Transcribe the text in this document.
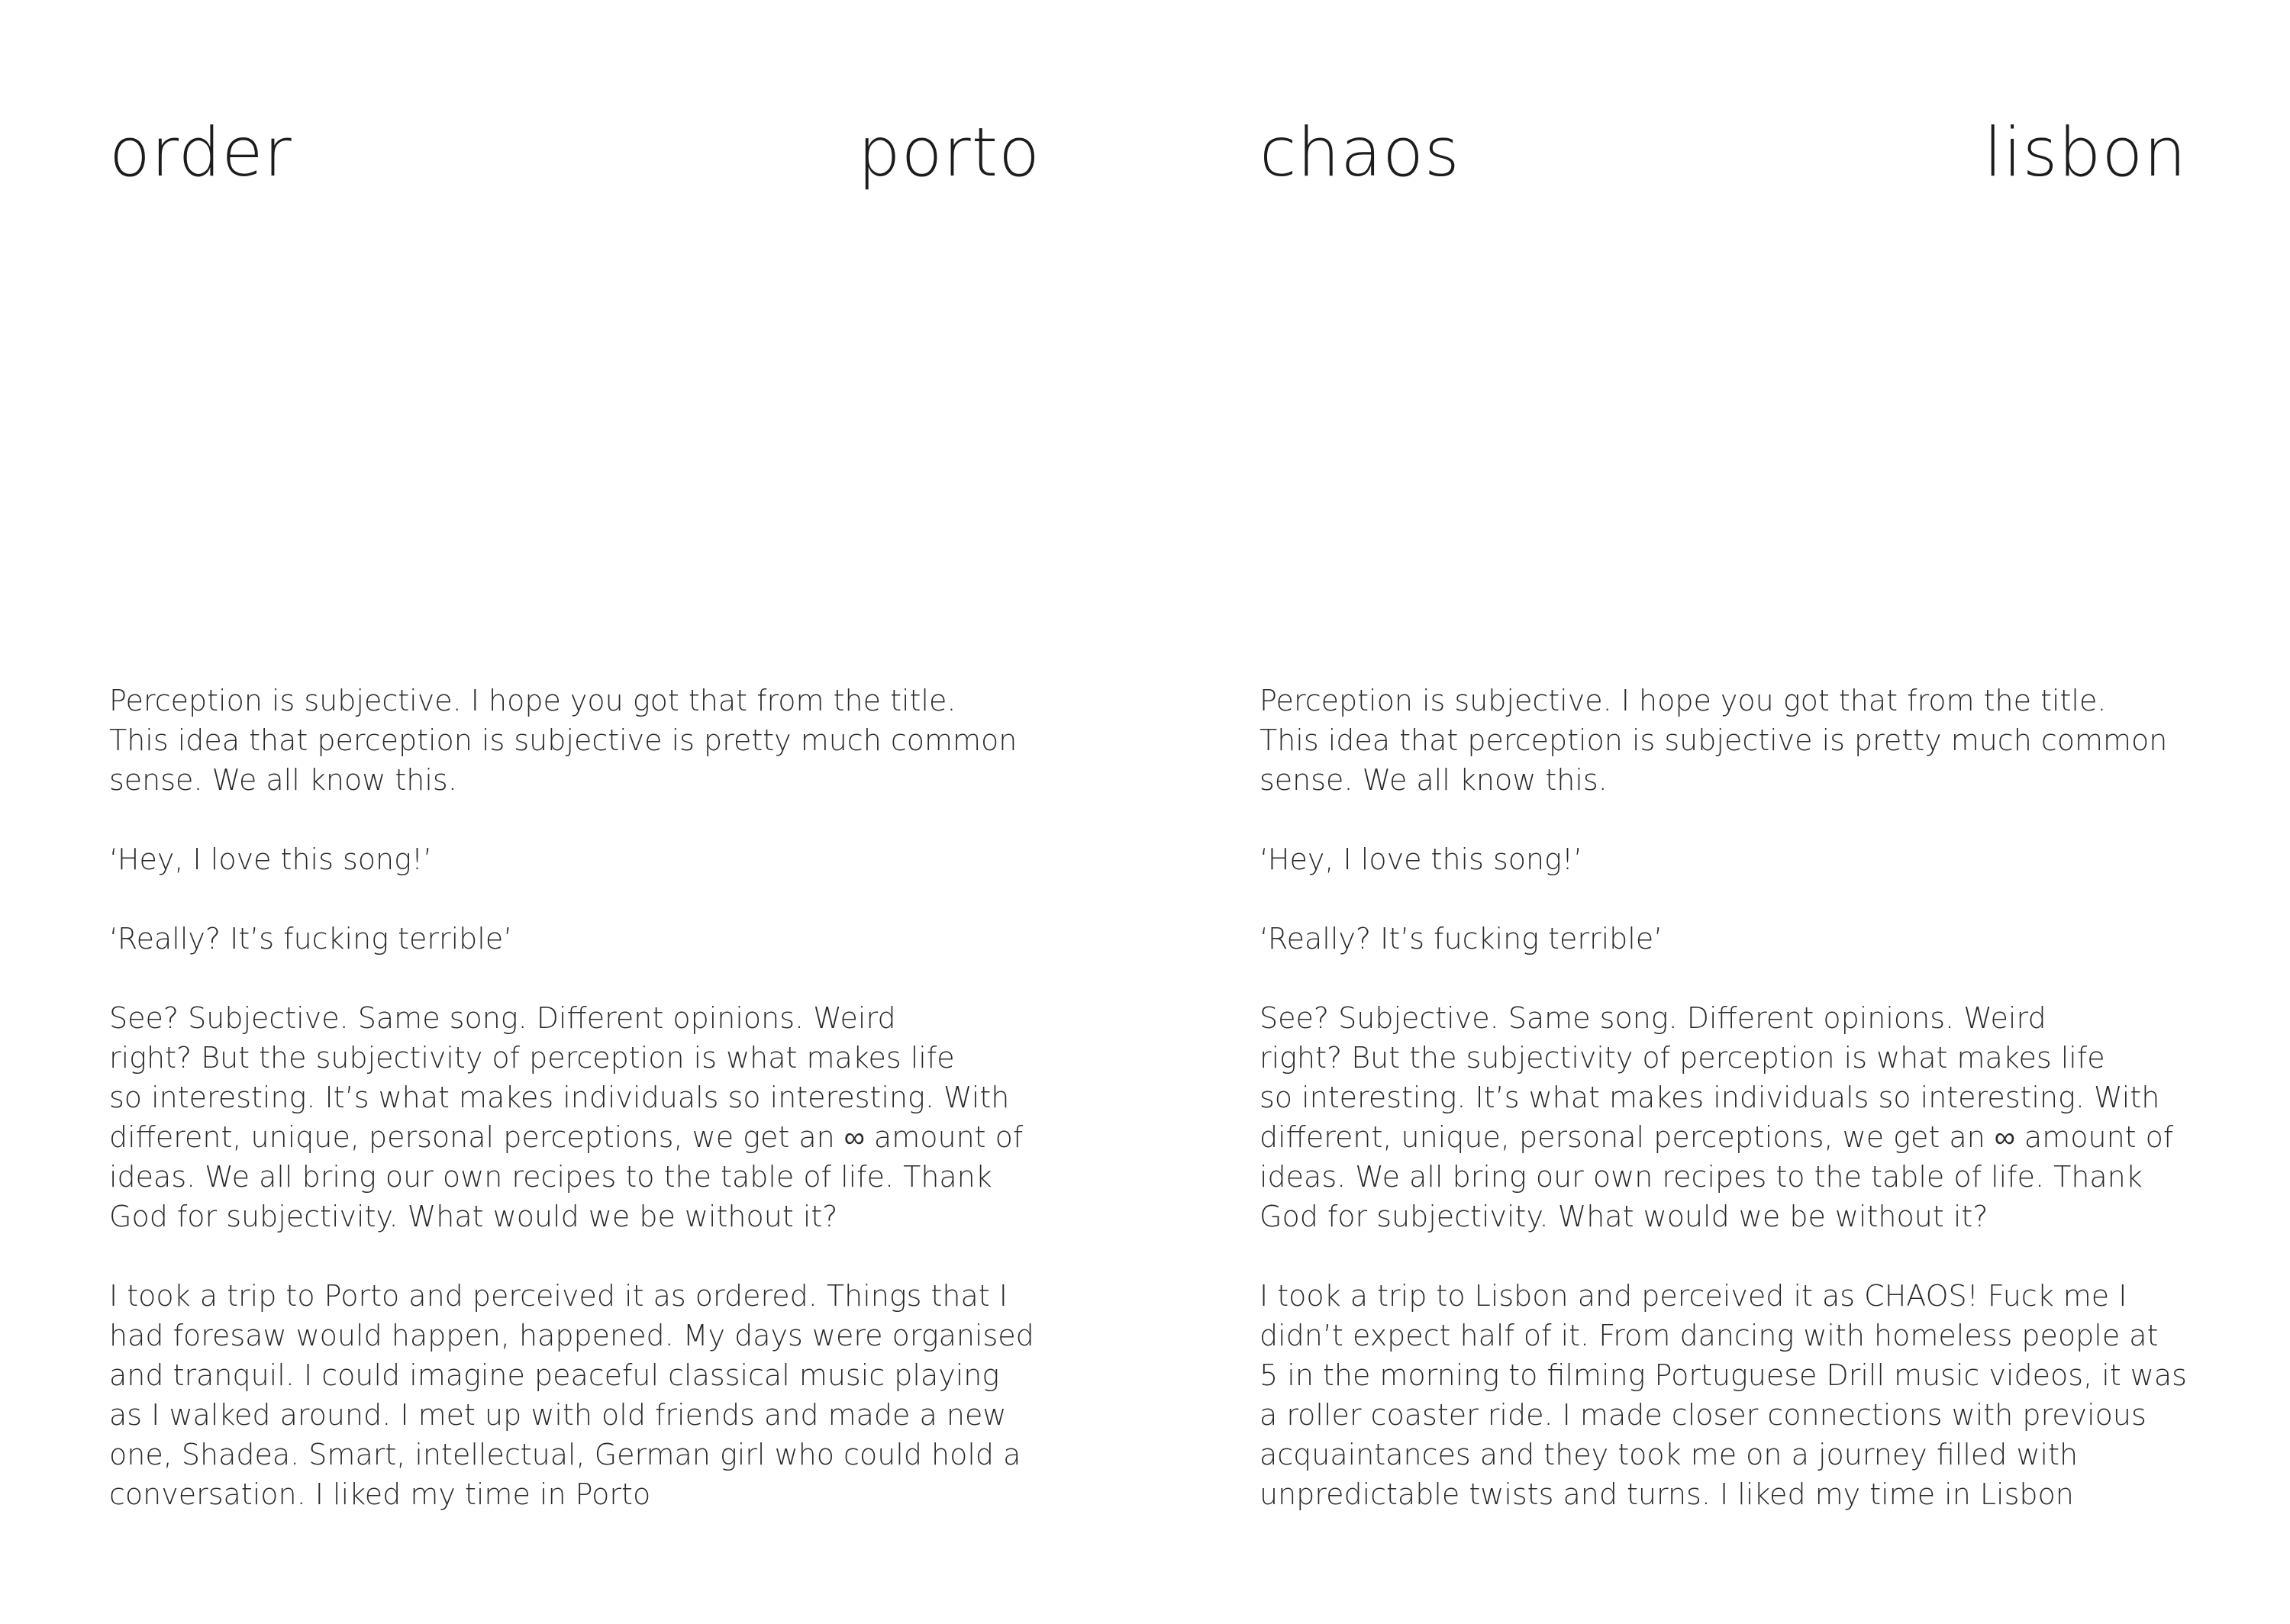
order	porto

Perception is subjective. I hope you got that from the title.
This idea that perception is subjective is pretty much common
sense. We all know this.

‘Hey, I love this song!’

‘Really? It’s fucking terrible’

See? Subjective. Same song. Different opinions. Weird
right? But the subjectivity of perception is what makes life
so interesting. It’s what makes individuals so interesting. With
different, unique, personal perceptions, we get an ∞ amount of
ideas. We all bring our own recipes to the table of life. Thank
God for subjectivity. What would we be without it?

I took a trip to Porto and perceived it as ordered. Things that I
had foresaw would happen, happened. My days were organised
and tranquil. I could imagine peaceful classical music playing
as I walked around. I met up with old friends and made a new
one, Shadea. Smart, intellectual, German girl who could hold a
conversation. I liked my time in Porto

chaos	lisbon

Perception is subjective. I hope you got that from the title.
This idea that perception is subjective is pretty much common
sense. We all know this.

‘Hey, I love this song!’

‘Really? It’s fucking terrible’

See? Subjective. Same song. Different opinions. Weird
right? But the subjectivity of perception is what makes life
so interesting. It’s what makes individuals so interesting. With
different, unique, personal perceptions, we get an ∞ amount of
ideas. We all bring our own recipes to the table of life. Thank
God for subjectivity. What would we be without it?

I took a trip to Lisbon and perceived it as CHAOS! Fuck me I
didn’t expect half of it. From dancing with homeless people at
5 in the morning to filming Portuguese Drill music videos, it was
a roller coaster ride. I made closer connections with previous
acquaintances and they took me on a journey filled with
unpredictable twists and turns. I liked my time in Lisbon
